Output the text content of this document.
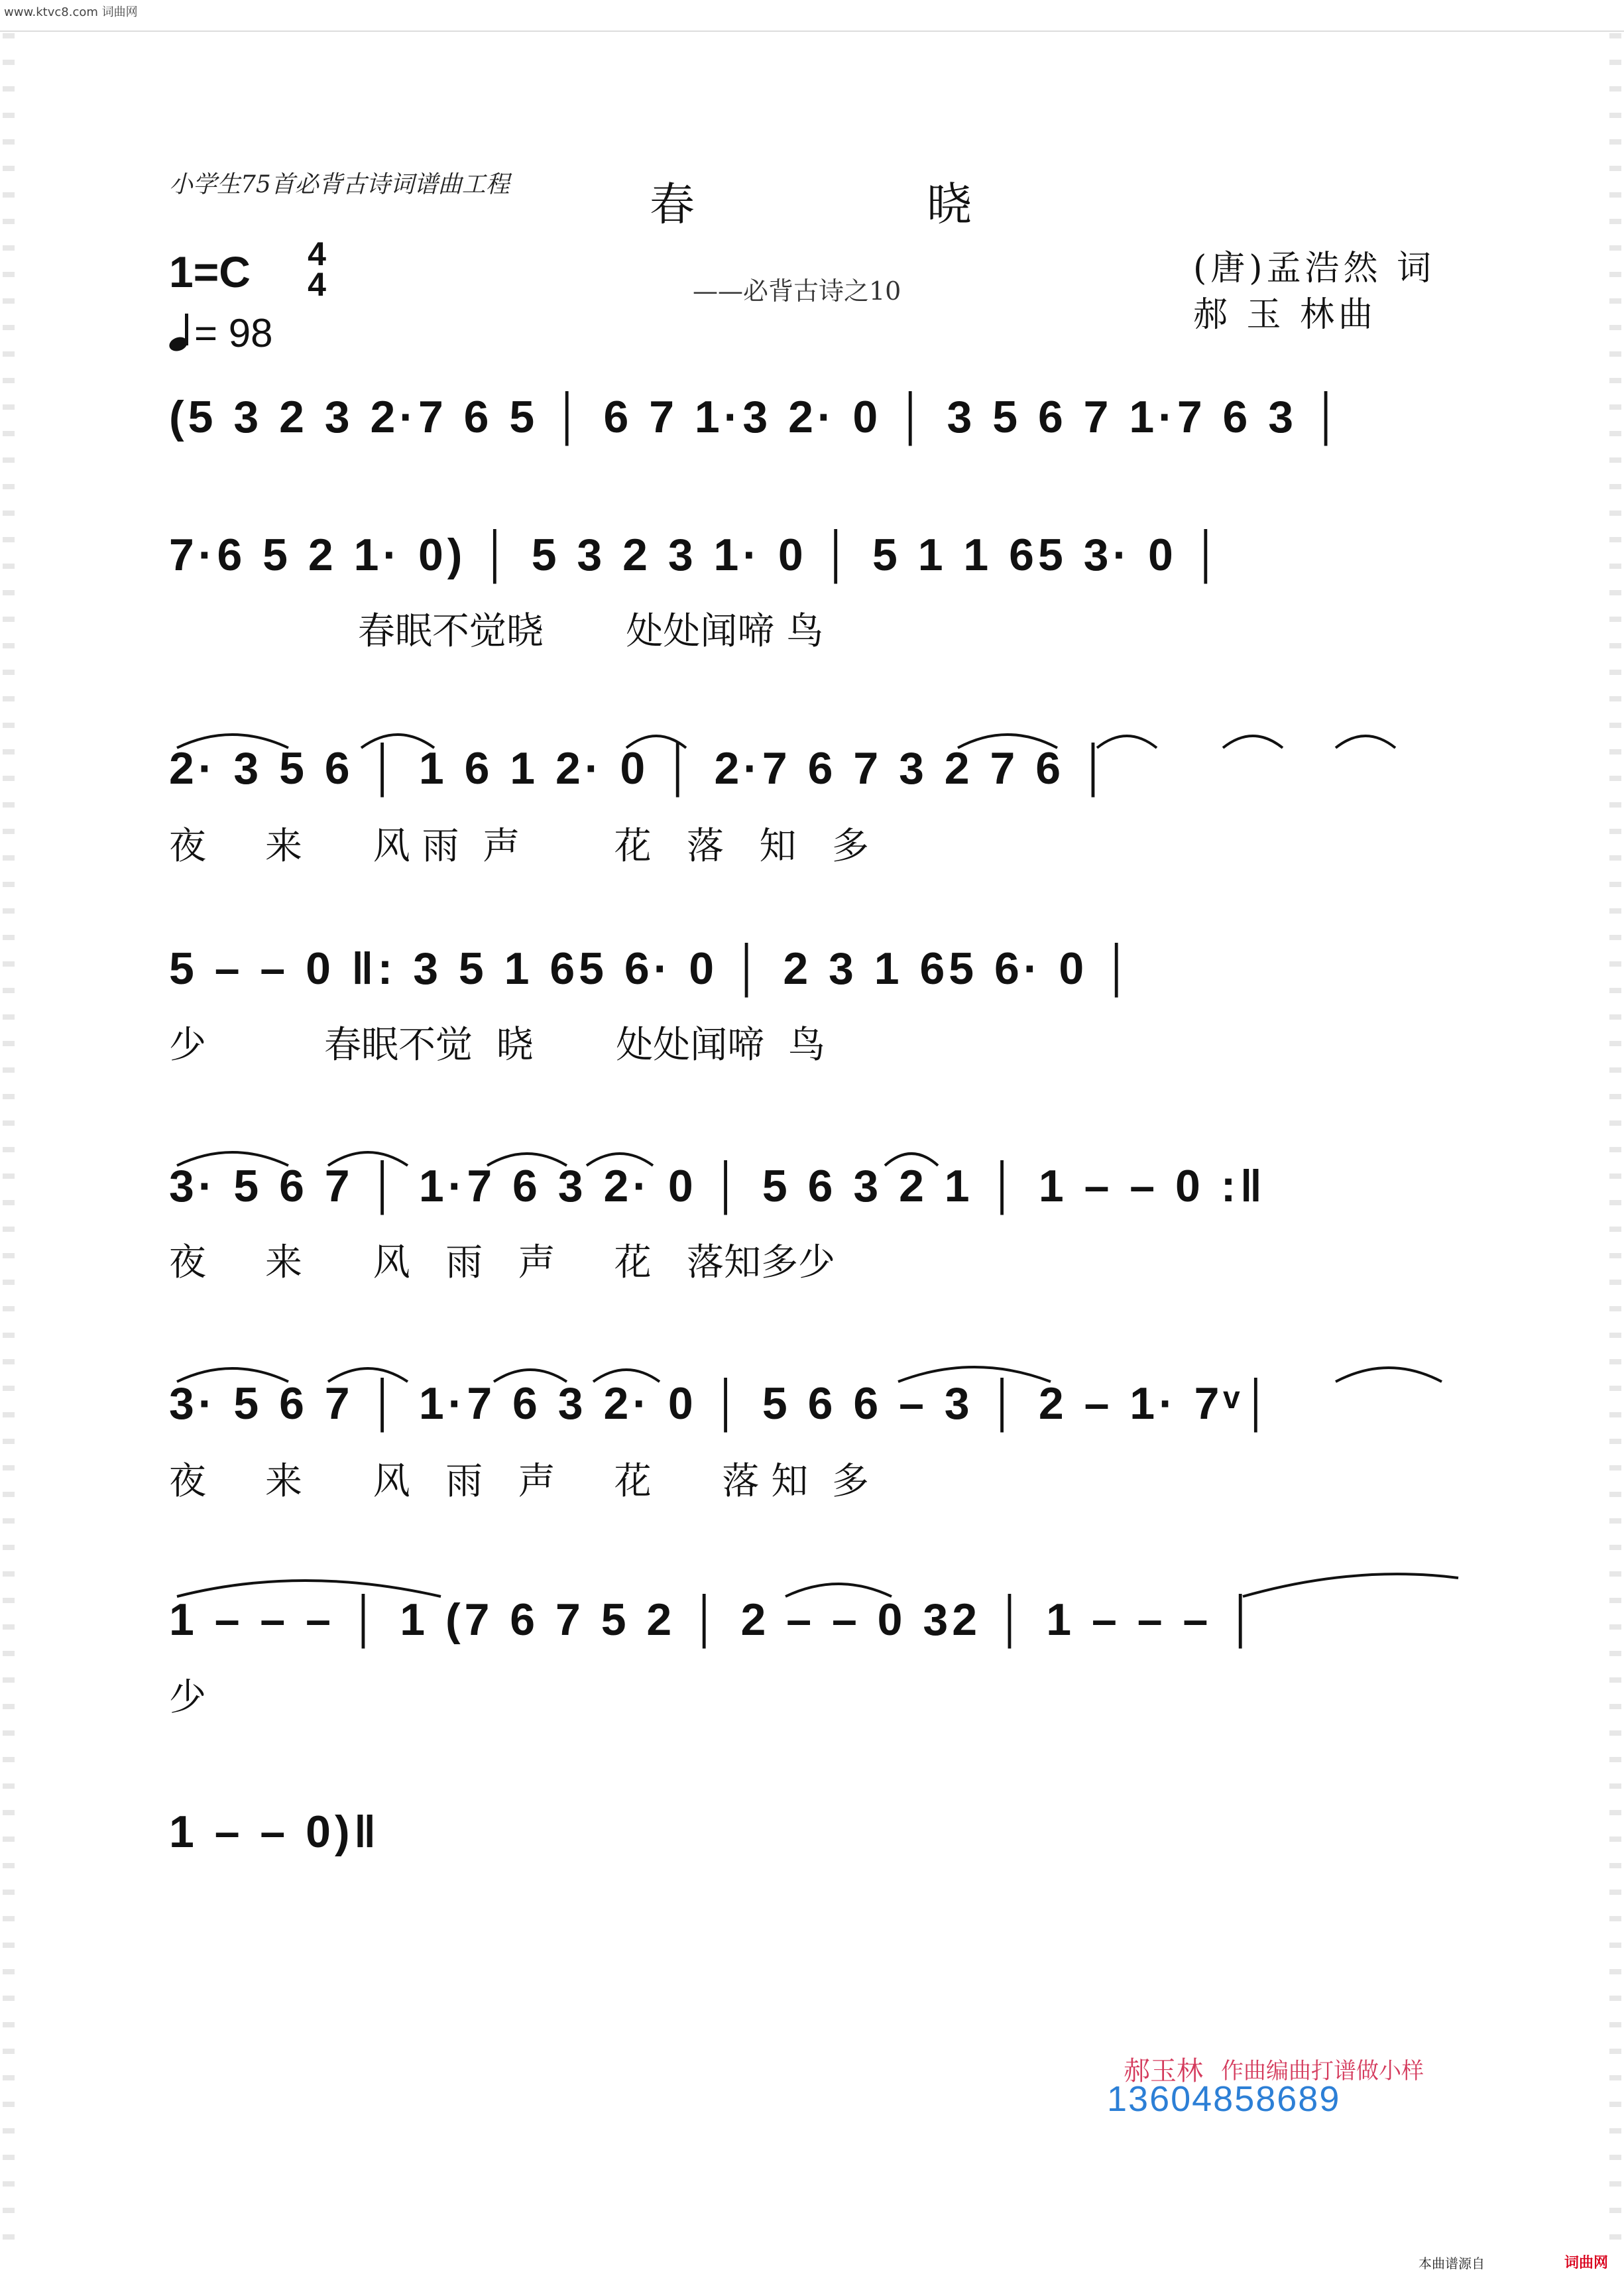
www.ktvc8.com 词曲网
小学生75首必背古诗词谱曲工程	春	晓
——必背古诗之10
(唐)孟浩然 词
郝 玉 林曲
1=C	4
4
= 98
(5 3 2 3 2·7 6 5 │ 6 7 1·3 2· 0 │ 3 5 6 7 1·7 6 3 │
7·6 5 2 1· 0) │ 5 3 2 3 1· 0 │ 5 1 1 65 3· 0 │
春眠不觉晓       处处闻啼 鸟
2· 3 5 6 │ 1 6 1 2· 0 │ 2·7 6 7 3 2 7 6 │
夜     来      风 雨  声        花   落   知   多
5 – – 0 ‖: 3 5 1 65 6· 0 │ 2 3 1 65 6· 0 │
少          春眠不觉  晓       处处闻啼  鸟
3· 5 6 7 │ 1·7 6 3 2· 0 │ 5 6 3 2 1 │ 1 – – 0 :‖
夜     来      风   雨   声     花   落知多少
3· 5 6 7 │ 1·7 6 3 2· 0 │ 5 6 6 – 3 │ 2 – 1· 7ᵛ│
夜     来      风   雨   声     花      落 知  多
1 – – – │ 1 (7 6 7 5 2 │ 2 – – 0 32 │ 1 – – – │
少
1 – – 0)‖
郝玉林 作曲编曲打谱做小样
13604858689
本曲谱源自	词曲网
